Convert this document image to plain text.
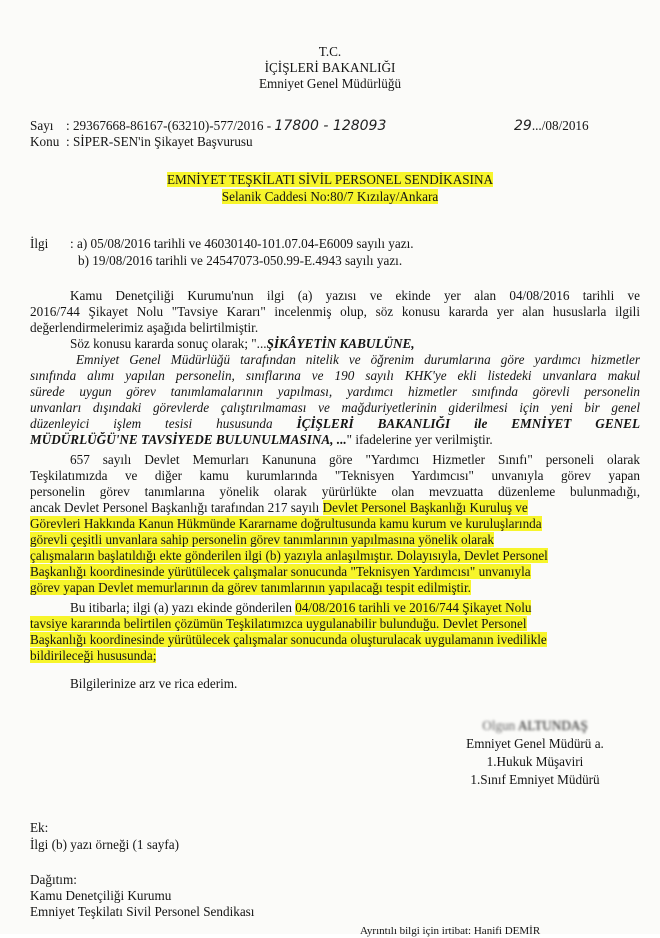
T.C.
İÇİŞLERİ BAKANLIĞI
Emniyet Genel Müdürlüğü
Sayı : 29367668-86167-(63210)-577/2016 - 17800 - 128093	29.../08/2016
Konu : SİPER-SEN'in Şikayet Başvurusu
EMNİYET TEŞKİLATI SİVİL PERSONEL SENDİKASINA
Selanik Caddesi No:80/7 Kızılay/Ankara
İlgi : a) 05/08/2016 tarihli ve 46030140-101.07.04-E6009 sayılı yazı.
b) 19/08/2016 tarihli ve 24547073-050.99-E.4943 sayılı yazı.
Kamu Denetçiliği Kurumu'nun ilgi (a) yazısı ve ekinde yer alan 04/08/2016 tarihli ve
2016/744 Şikayet Nolu "Tavsiye Kararı" incelenmiş olup, söz konusu kararda yer alan hususlarla ilgili
değerlendirmelerimiz aşağıda belirtilmiştir.
Söz konusu kararda sonuç olarak; "...ŞİKÂYETİN KABULÜNE,
Emniyet Genel Müdürlüğü tarafından nitelik ve öğrenim durumlarına göre yardımcı hizmetler
sınıfında alımı yapılan personelin, sınıflarına ve 190 sayılı KHK'ye ekli listedeki unvanlara makul
sürede uygun görev tanımlamalarının yapılması, yardımcı hizmetler sınıfında görevli personelin
unvanları dışındaki görevlerde çalıştırılmaması ve mağduriyetlerinin giderilmesi için yeni bir genel
düzenleyici işlem tesisi hususunda İÇİŞLERİ BAKANLIĞI ile EMNİYET GENEL
MÜDÜRLÜĞÜ'NE TAVSİYEDE BULUNULMASINA, ..." ifadelerine yer verilmiştir.
657 sayılı Devlet Memurları Kanununa göre "Yardımcı Hizmetler Sınıfı" personeli olarak
Teşkilatımızda ve diğer kamu kurumlarında "Teknisyen Yardımcısı" unvanıyla görev yapan
personelin görev tanımlarına yönelik olarak yürürlükte olan mevzuatta düzenleme bulunmadığı,
ancak Devlet Personel Başkanlığı tarafından 217 sayılı Devlet Personel Başkanlığı Kuruluş ve
Görevleri Hakkında Kanun Hükmünde Kararname doğrultusunda kamu kurum ve kuruluşlarında
görevli çeşitli unvanlara sahip personelin görev tanımlarının yapılmasına yönelik olarak
çalışmaların başlatıldığı ekte gönderilen ilgi (b) yazıyla anlaşılmıştır. Dolayısıyla, Devlet Personel
Başkanlığı koordinesinde yürütülecek çalışmalar sonucunda "Teknisyen Yardımcısı" unvanıyla
görev yapan Devlet memurlarının da görev tanımlarının yapılacağı tespit edilmiştir.
Bu itibarla; ilgi (a) yazı ekinde gönderilen 04/08/2016 tarihli ve 2016/744 Şikayet Nolu
tavsiye kararında belirtilen çözümün Teşkilatımızca uygulanabilir bulunduğu. Devlet Personel
Başkanlığı koordinesinde yürütülecek çalışmalar sonucunda oluşturulacak uygulamanın ivedilikle
bildirileceği hususunda;
Bilgilerinize arz ve rica ederim.
Olgun ALTUNDAŞ
Emniyet Genel Müdürü a.
1.Hukuk Müşaviri
1.Sınıf Emniyet Müdürü
Ek:
İlgi (b) yazı örneği (1 sayfa)
Dağıtım:
Kamu Denetçiliği Kurumu
Emniyet Teşkilatı Sivil Personel Sendikası
Ayrıntılı bilgi için irtibat: Hanifi DEMİR
